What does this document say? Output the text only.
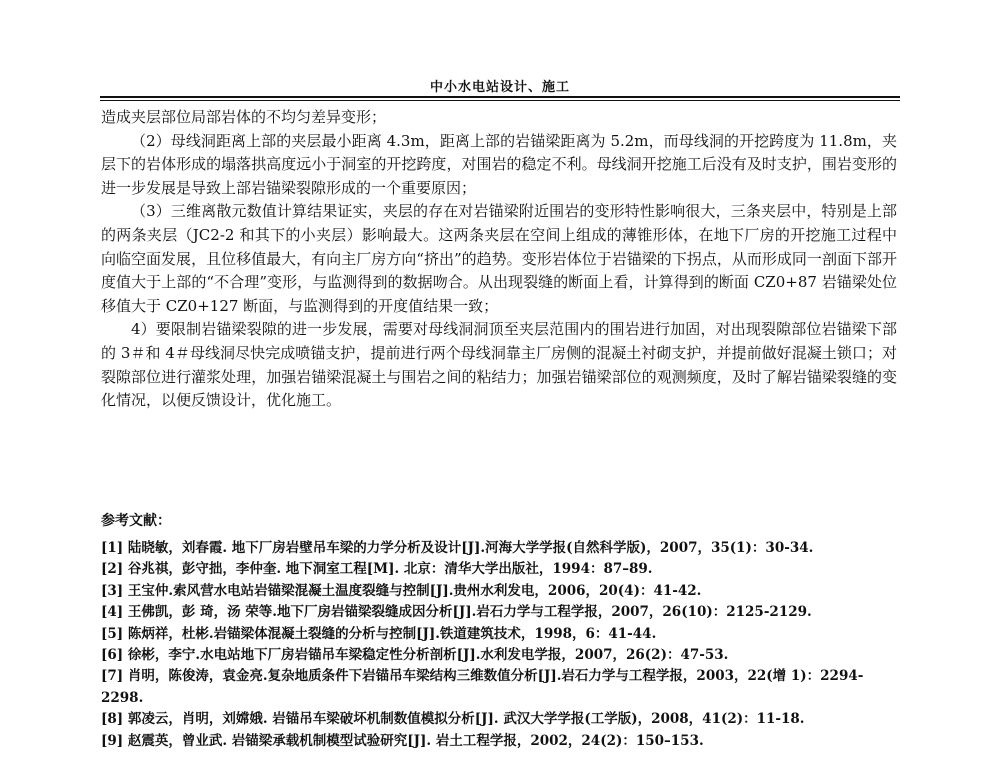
中小水电站设计、施工

造成夹层部位局部岩体的不均匀差异变形；

（2）母线洞距离上部的夹层最小距离 4.3m，距离上部的岩锚梁距离为 5.2m，而母线洞的开挖跨度为 11.8m，夹层下的岩体形成的塌落拱高度远小于洞室的开挖跨度，对围岩的稳定不利。母线洞开挖施工后没有及时支护，围岩变形的进一步发展是导致上部岩锚梁裂隙形成的一个重要原因；

（3）三维离散元数值计算结果证实，夹层的存在对岩锚梁附近围岩的变形特性影响很大，三条夹层中，特别是上部的两条夹层（JC2-2 和其下的小夹层）影响最大。这两条夹层在空间上组成的薄锥形体，在地下厂房的开挖施工过程中向临空面发展，且位移值最大，有向主厂房方向“挤出”的趋势。变形岩体位于岩锚梁的下拐点，从而形成同一剖面下部开度值大于上部的“不合理”变形，与监测得到的数据吻合。从出现裂缝的断面上看，计算得到的断面 CZ0+87 岩锚梁处位移值大于 CZ0+127 断面，与监测得到的开度值结果一致；

4）要限制岩锚梁裂隙的进一步发展，需要对母线洞洞顶至夹层范围内的围岩进行加固，对出现裂隙部位岩锚梁下部的 3＃和 4＃母线洞尽快完成喷锚支护，提前进行两个母线洞靠主厂房侧的混凝土衬砌支护，并提前做好混凝土锁口；对裂隙部位进行灌浆处理，加强岩锚梁混凝土与围岩之间的粘结力；加强岩锚梁部位的观测频度，及时了解岩锚梁裂缝的变化情况，以便反馈设计，优化施工。

参考文献：

[1] 陆晓敏，刘春霞. 地下厂房岩壁吊车梁的力学分析及设计[J].河海大学学报(自然科学版)，2007，35(1)：30-34.

[2] 谷兆祺，彭守拙，李仲奎. 地下洞室工程[M]. 北京：清华大学出版社，1994：87–89.

[3] 王宝仲.索风营水电站岩锚梁混凝土温度裂缝与控制[J].贵州水利发电，2006，20(4)：41-42.

[4] 王佛凯，彭 琦，汤 荣等.地下厂房岩锚梁裂缝成因分析[J].岩石力学与工程学报，2007，26(10)：2125-2129.

[5] 陈炳祥，杜彬.岩锚梁体混凝土裂缝的分析与控制[J].铁道建筑技术，1998，6：41-44.

[6] 徐彬，李宁.水电站地下厂房岩锚吊车梁稳定性分析剖析[J].水利发电学报，2007，26(2)：47-53.

[7] 肖明，陈俊涛，袁金亮.复杂地质条件下岩锚吊车梁结构三维数值分析[J].岩石力学与工程学报，2003，22(增 1)：2294-2298.

[8] 郭凌云，肖明，刘嫦娥. 岩锚吊车梁破坏机制数值模拟分析[J]. 武汉大学学报(工学版)，2008，41(2)：11-18.

[9] 赵震英，曾业武. 岩锚梁承载机制模型试验研究[J]. 岩土工程学报，2002，24(2)：150–153.
